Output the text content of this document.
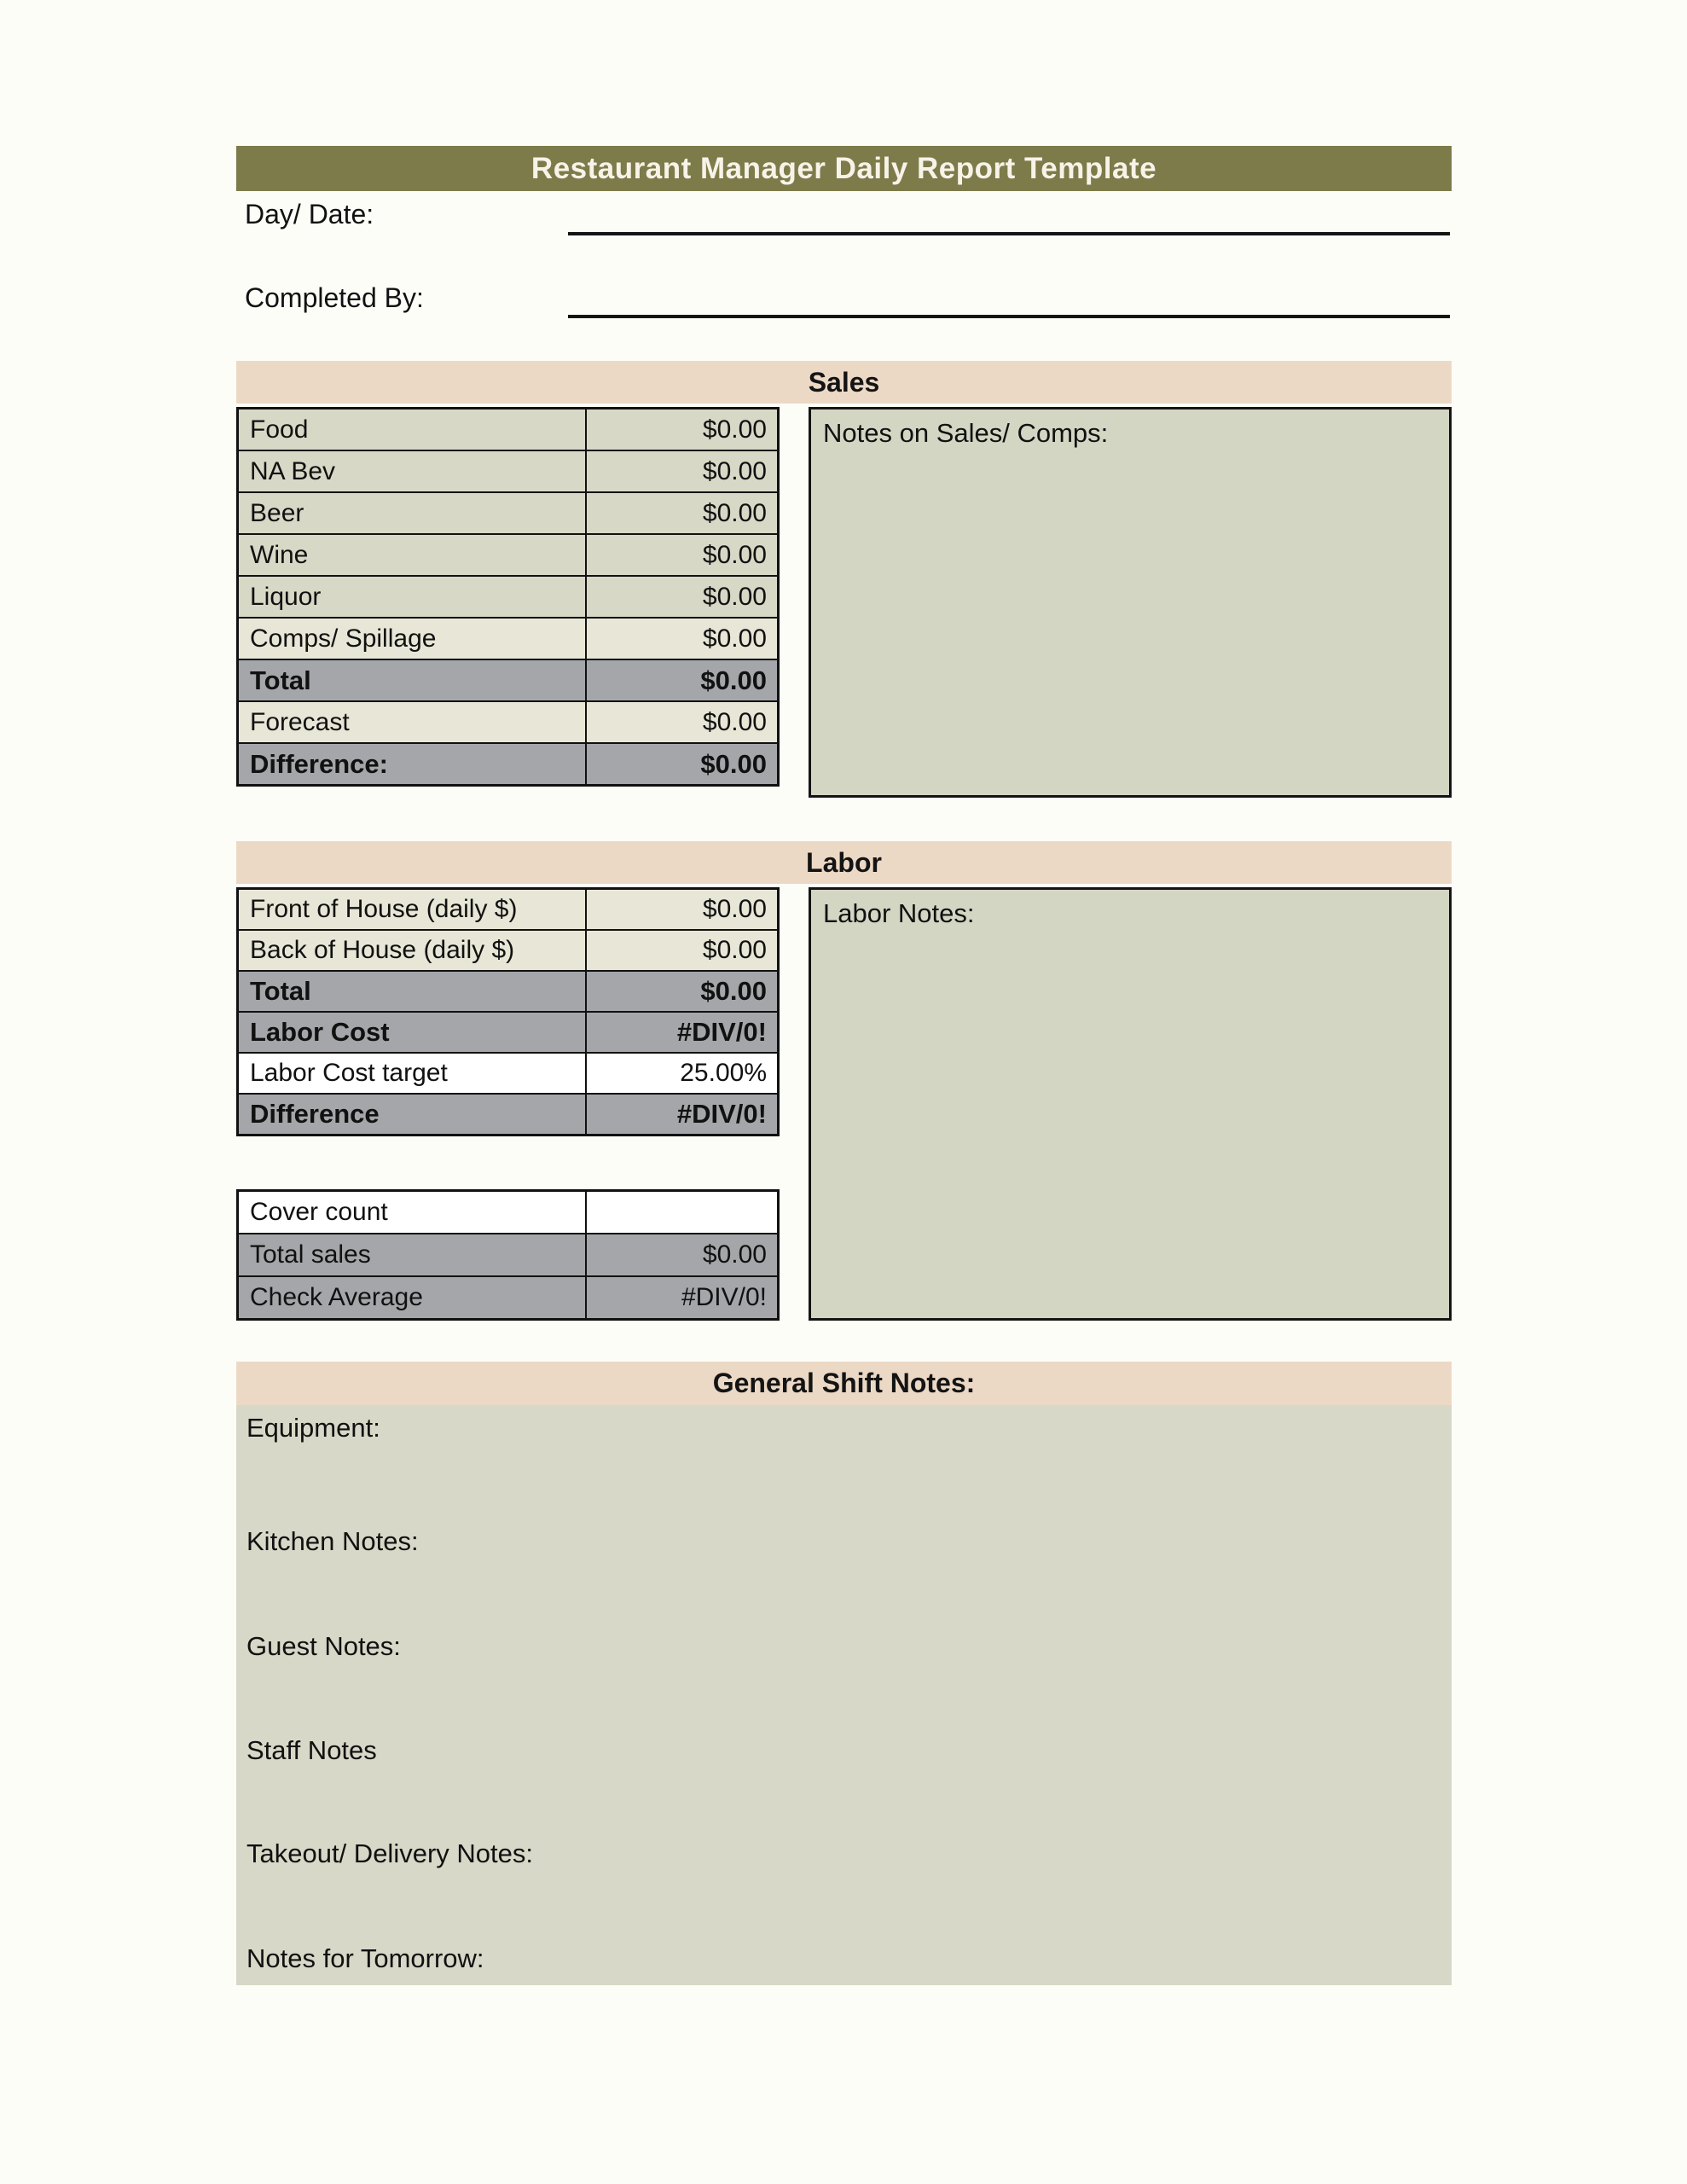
Restaurant Manager Daily Report Template
Day/ Date:
Completed By:
Sales
Food	$0.00
NA Bev	$0.00
Beer	$0.00
Wine	$0.00
Liquor	$0.00
Comps/ Spillage	$0.00
Total	$0.00
Forecast	$0.00
Difference:	$0.00
Notes on Sales/ Comps:
Labor
Front of House (daily $)	$0.00
Back of House (daily $)	$0.00
Total	$0.00
Labor Cost	#DIV/0!
Labor Cost target	25.00%
Difference	#DIV/0!
Labor Notes:
Cover count	
Total sales	$0.00
Check Average	#DIV/0!
General Shift Notes:
Equipment:
Kitchen Notes:
Guest Notes:
Staff Notes
Takeout/ Delivery Notes:
Notes for Tomorrow:
